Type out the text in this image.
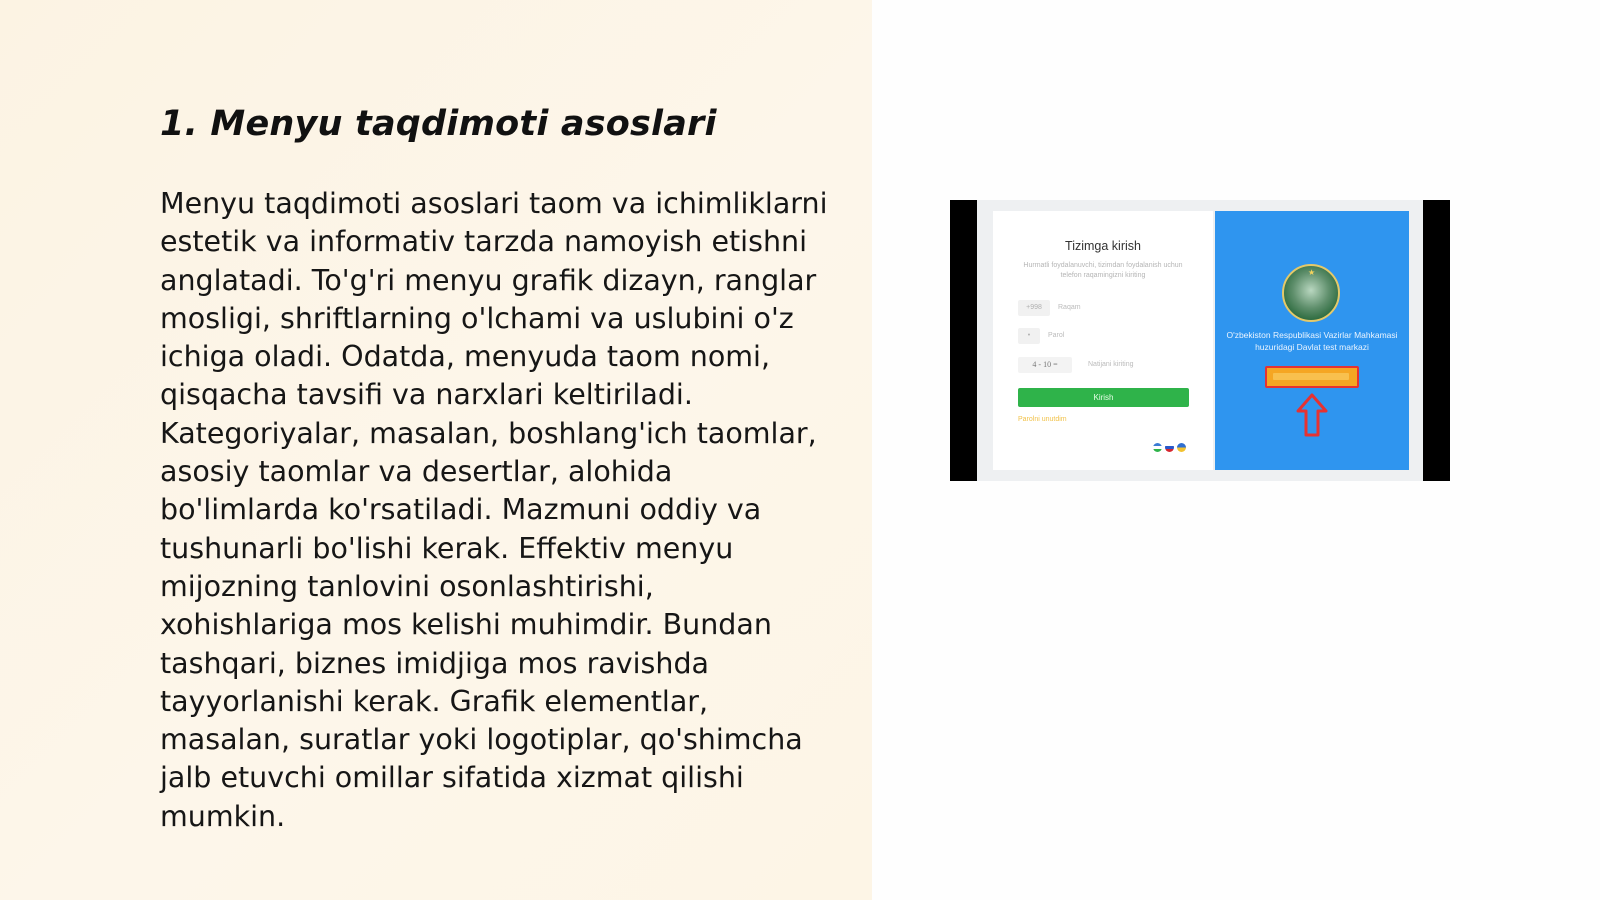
1. Menyu taqdimoti asoslari

Menyu taqdimoti asoslari taom va ichimliklarni estetik va informativ tarzda namoyish etishni anglatadi. To'g'ri menyu grafik dizayn, ranglar mosligi, shriftlarning o'lchami va uslubini o'z ichiga oladi. Odatda, menyuda taom nomi, qisqacha tavsifi va narxlari keltiriladi. Kategoriyalar, masalan, boshlang'ich taomlar, asosiy taomlar va desertlar, alohida bo'limlarda ko'rsatiladi. Mazmuni oddiy va tushunarli bo'lishi kerak. Effektiv menyu mijozning tanlovini osonlashtirishi, xohishlariga mos kelishi muhimdir. Bundan tashqari, biznes imidjiga mos ravishda tayyorlanishi kerak. Grafik elementlar, masalan, suratlar yoki logotiplar, qo'shimcha jalb etuvchi omillar sifatida xizmat qilishi mumkin.

Tizimga kirish
Hurmatli foydalanuvchi, tizimdan foydalanish uchun telefon raqamingizni kiriting
+998	Raqam
•	Parol
4 - 10 =	Natijani kiriting
Kirish
Parolni unutdim
★
O'zbekiston Respublikasi Vazirlar Mahkamasi huzuridagi Davlat test markazi
